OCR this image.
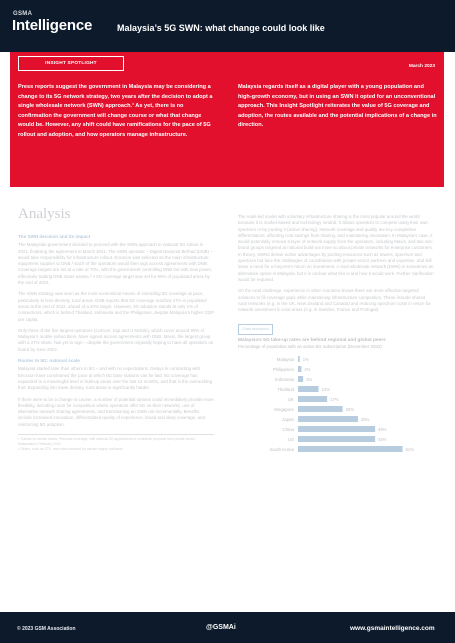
GSMA
Intelligence	Malaysia’s 5G SWN: what change could look like
INSIGHT SPOTLIGHT
March 2023
Press reports suggest the government in Malaysia may be considering a change to its 5G network strategy, two years after the decision to adopt a single wholesale network (SWN) approach.¹ As yet, there is no confirmation the government will change course or what that change would be. However, any shift could have ramifications for the pace of 5G rollout and adoption, and how operators manage infrastructure.
Malaysia regards itself as a digital player with a young population and high-growth economy, but in using an SWN it opted for an unconventional approach. This Insight Spotlight reiterates the value of 5G coverage and adoption, the routes available and the potential implications of a change in direction.
Analysis
The SWN decision and its impact

The Malaysian government decided to proceed with the SWN approach to national 5G rollout in 2021, finalising the agreement in March 2021. The SWN operator – Digital Nasional Berhad (DNB) – would take responsibility for infrastructure rollout. Ericsson was selected as the main infrastructure equipment supplier to DNB.² Each of the operators would then sign access agreements with DNB. Coverage targets are set at a rate of 70%, with the government controlling DNB but with new power, effectively trading DNB share assets.³ A 5G coverage target was set for 80% of populated areas by the end of 2024.

The SWN strategy was seen as the most economical means of extending 5G coverage at pace, particularly to less-densely, rural areas. DNB reports that 5G coverage reached 47% in populated areas at the end of 2022, ahead of a 40% target. However, 5G adoption stands at only 1% of connections, which is behind Thailand, Indonesia and the Philippines, despite Malaysia’s higher GDP per capita.

Only three of the five largest operators (Celcom, Digi and U Mobile), which cover around 95% of Malaysia’s mobile subscribers, have signed access agreements with DNB. Maxis, the largest group with a 27% share, has yet to sign – despite the government originally hoping to have all operators on board by June 2022.

Routes to 5G: national scale

Malaysia started later than others in 5G – and with no expectations. Delays in contracting with Ericsson have constrained the pace at which 5G base stations can be laid. 5G coverage has expanded to a meaningful level in built-up areas over the last 12 months, and that is the overarching fruit. Expanding into lower density, rural areas is significantly harder.

If there were to be a change in course, a number of potential options could immediately provide more flexibility, including room for competition where operators offer 5G on their networks, use of alternative network sharing agreements, and transitioning an SWN out incrementally. Benefits include increased innovation, differentiated quality of experience, broad and deep coverage, and reinforcing 5G adoption.

¹ ‘Cabinet to decide Maxis, Petronas coverage, with national 5G applications to contribute proposal from private sector’, Malaysiakini, February 2023
² Others, such as ZTE, were also selected for certain supply contracts

The retail-led model with voluntary infrastructure sharing is the most popular around the world because it is market-based and technology neutral. It allows operators to compete using their own spectrum or by pooling it (active sharing). Network coverage and quality are key competitive differentiators, affording cost savings from sharing, and maintaining innovation. In Malaysia’s case, it would potentially remove a layer of network supply from the operators, including Maxis, and two sub-brand groups targeted at national build-out more so about private networks for enterprise customers. In theory, SWNs deliver active advantages by pooling resources such as towers, spectrum and spectrum but face the challenges of coordination with private-sector partners and expertise, and still leave a need for a long-term return on investment. A dual wholesale network (DWN) is sometimes an alternative option in Malaysia, but it is unclear what this is and how it would work. Further clarification would be required.

On the rural challenge, experience in other countries shows there are more effective targeted solutions to fill coverage gaps while maintaining infrastructure competition. These include shared rural networks (e.g. in the UK, New Zealand and Canada) and reducing spectrum costs in return for network investment in rural areas (e.g. in Sweden, France and Portugal).

Chart description
Malaysia’s 5G take-up rates are behind regional and global peers
Percentage of population with an active 5G subscription (December 2022)
Malaysia 1%
Philippines 2%
Indonesia	3%
Thailand	12%
UK	17%
Singapore	26%
Japan	35%
China	45%
US	45%
South Korea	61%
© 2023 GSM Association	@GSMAi	www.gsmaintelligence.com
